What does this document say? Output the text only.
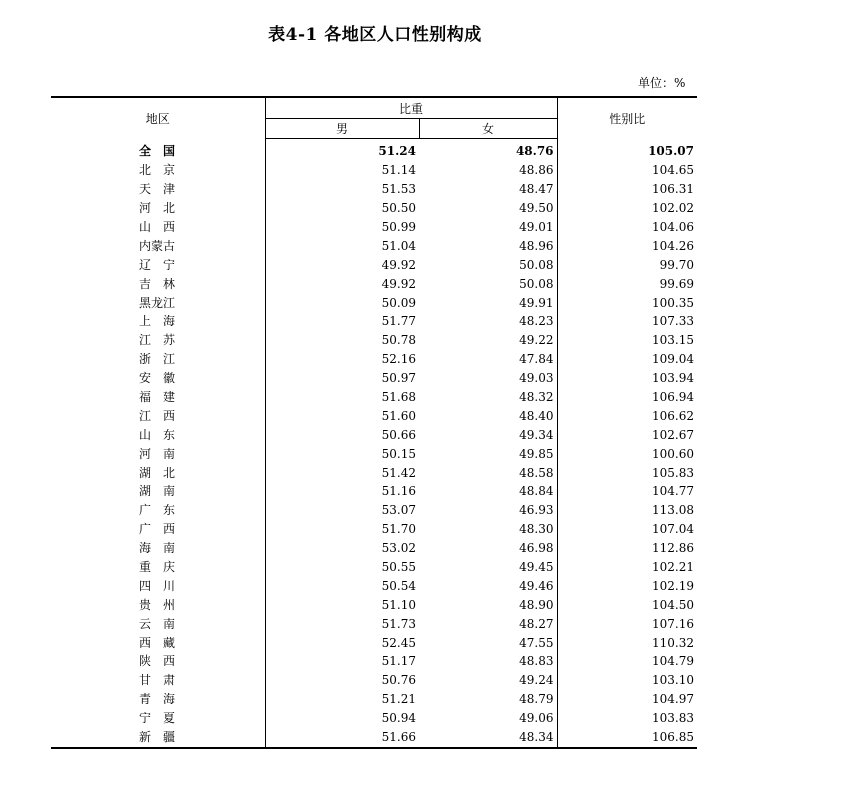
表4-1 各地区人口性别构成
单位：%
地区	比重		性别比
	男	女	
全国	51.24	48.76	105.07
北京	51.14	48.86	104.65
天津	51.53	48.47	106.31
河北	50.50	49.50	102.02
山西	50.99	49.01	104.06
内蒙古	51.04	48.96	104.26
辽宁	49.92	50.08	99.70
吉林	49.92	50.08	99.69
黑龙江	50.09	49.91	100.35
上海	51.77	48.23	107.33
江苏	50.78	49.22	103.15
浙江	52.16	47.84	109.04
安徽	50.97	49.03	103.94
福建	51.68	48.32	106.94
江西	51.60	48.40	106.62
山东	50.66	49.34	102.67
河南	50.15	49.85	100.60
湖北	51.42	48.58	105.83
湖南	51.16	48.84	104.77
广东	53.07	46.93	113.08
广西	51.70	48.30	107.04
海南	53.02	46.98	112.86
重庆	50.55	49.45	102.21
四川	50.54	49.46	102.19
贵州	51.10	48.90	104.50
云南	51.73	48.27	107.16
西藏	52.45	47.55	110.32
陕西	51.17	48.83	104.79
甘肃	50.76	49.24	103.10
青海	51.21	48.79	104.97
宁夏	50.94	49.06	103.83
新疆	51.66	48.34	106.85
